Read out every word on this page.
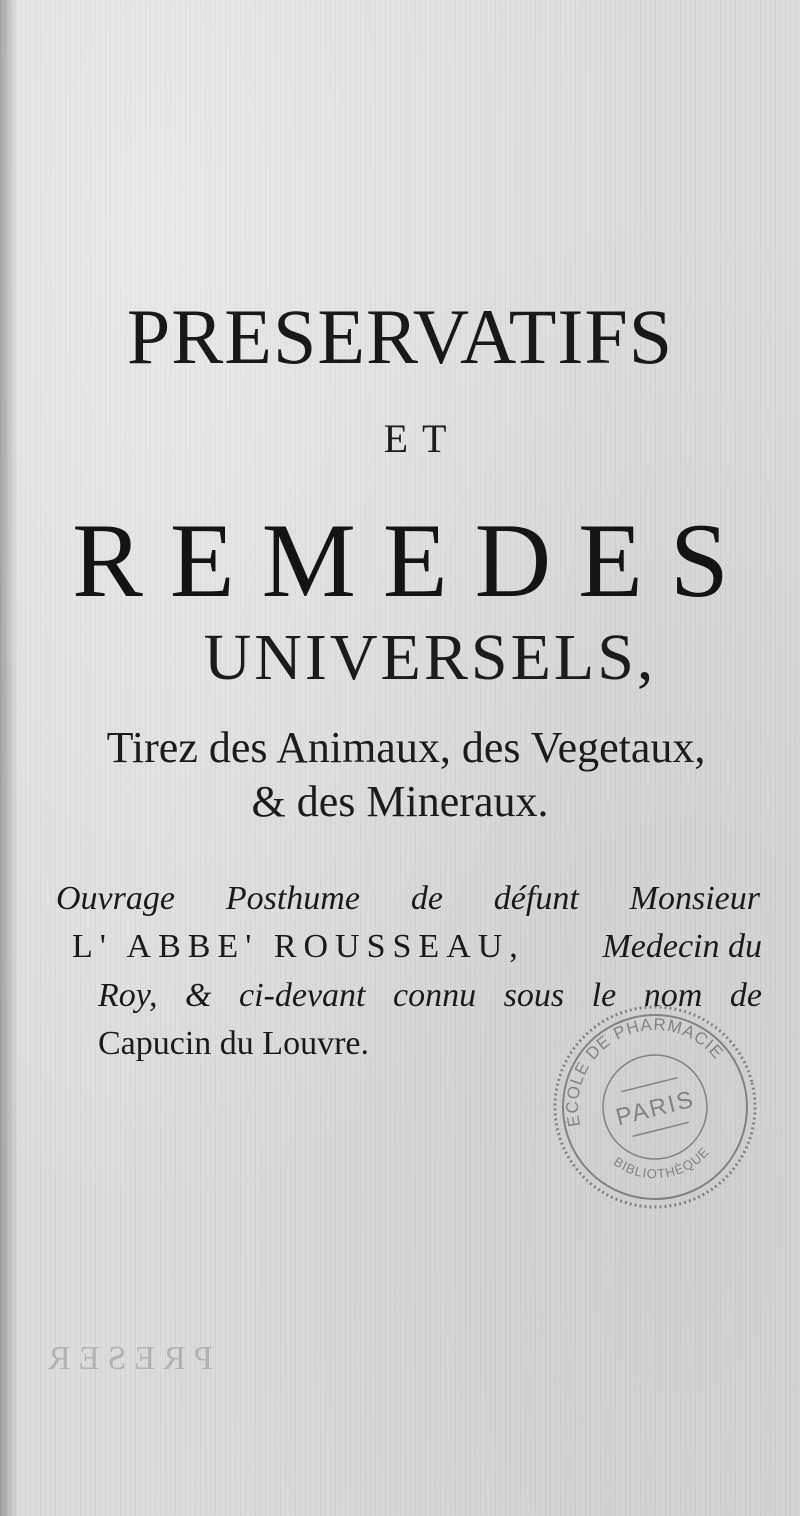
PRESER
PRESERVATIFS
ET
REMEDES
UNIVERSELS,
Tirez des Animaux, des Vegetaux,
& des Mineraux.
Ouvrage Posthume de défunt Monsieur
L' ABBE' ROUSSEAU, Medecin du
Roy, & ci-devant connu sous le nom de
Capucin du Louvre.
ÉCOLE DE PHARMACIE
BIBLIOTHÈQUE
PARIS
